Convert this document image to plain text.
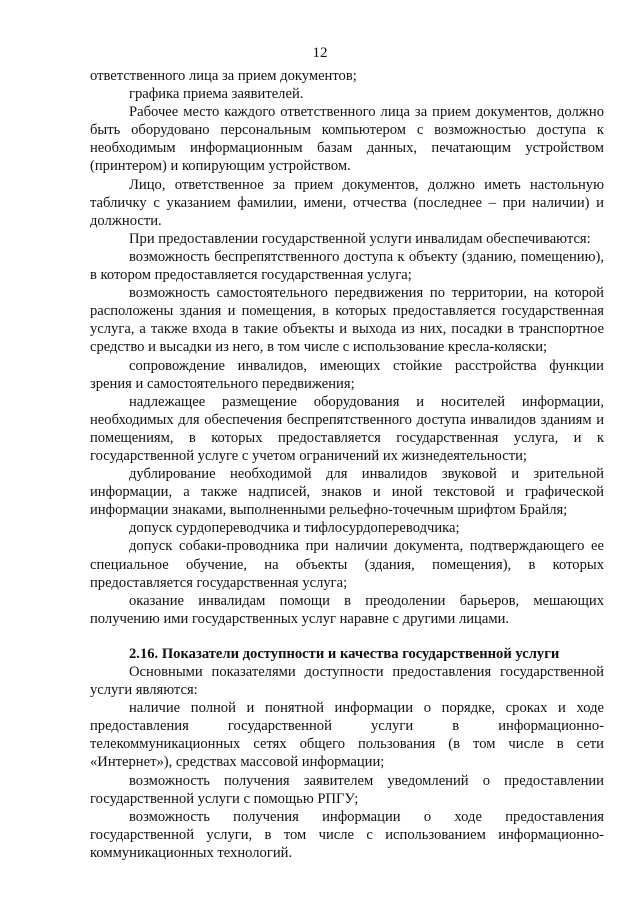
12

ответственного лица за прием документов;

графика приема заявителей.

Рабочее место каждого ответственного лица за прием документов, должно быть оборудовано персональным компьютером с возможностью доступа к необходимым информационным базам данных, печатающим устройством (принтером) и копирующим устройством.

Лицо, ответственное за прием документов, должно иметь настольную табличку с указанием фамилии, имени, отчества (последнее – при наличии) и должности.

При предоставлении государственной услуги инвалидам обеспечиваются:

возможность беспрепятственного доступа к объекту (зданию, помещению), в котором предоставляется государственная услуга;

возможность самостоятельного передвижения по территории, на которой расположены здания и помещения, в которых предоставляется государственная услуга, а также входа в такие объекты и выхода из них, посадки в транспортное средство и высадки из него, в том числе с использование кресла-коляски;

сопровождение инвалидов, имеющих стойкие расстройства функции зрения и самостоятельного передвижения;

надлежащее размещение оборудования и носителей информации, необходимых для обеспечения беспрепятственного доступа инвалидов зданиям и помещениям, в которых предоставляется государственная услуга, и к государственной услуге с учетом ограничений их жизнедеятельности;

дублирование необходимой для инвалидов звуковой и зрительной информации, а также надписей, знаков и иной текстовой и графической информации знаками, выполненными рельефно-точечным шрифтом Брайля;

допуск сурдопереводчика и тифлосурдопереводчика;

допуск собаки-проводника при наличии документа, подтверждающего ее специальное обучение, на объекты (здания, помещения), в которых предоставляется государственная услуга;

оказание инвалидам помощи в преодолении барьеров, мешающих получению ими государственных услуг наравне с другими лицами.

2.16. Показатели доступности и качества государственной услуги

Основными показателями доступности предоставления государственной услуги являются:

наличие полной и понятной информации о порядке, сроках и ходе предоставления государственной услуги в информационно-телекоммуникационных сетях общего пользования (в том числе в сети «Интернет»), средствах массовой информации;

возможность получения заявителем уведомлений о предоставлении государственной услуги с помощью РПГУ;

возможность получения информации о ходе предоставления государственной услуги, в том числе с использованием информационно-коммуникационных технологий.
